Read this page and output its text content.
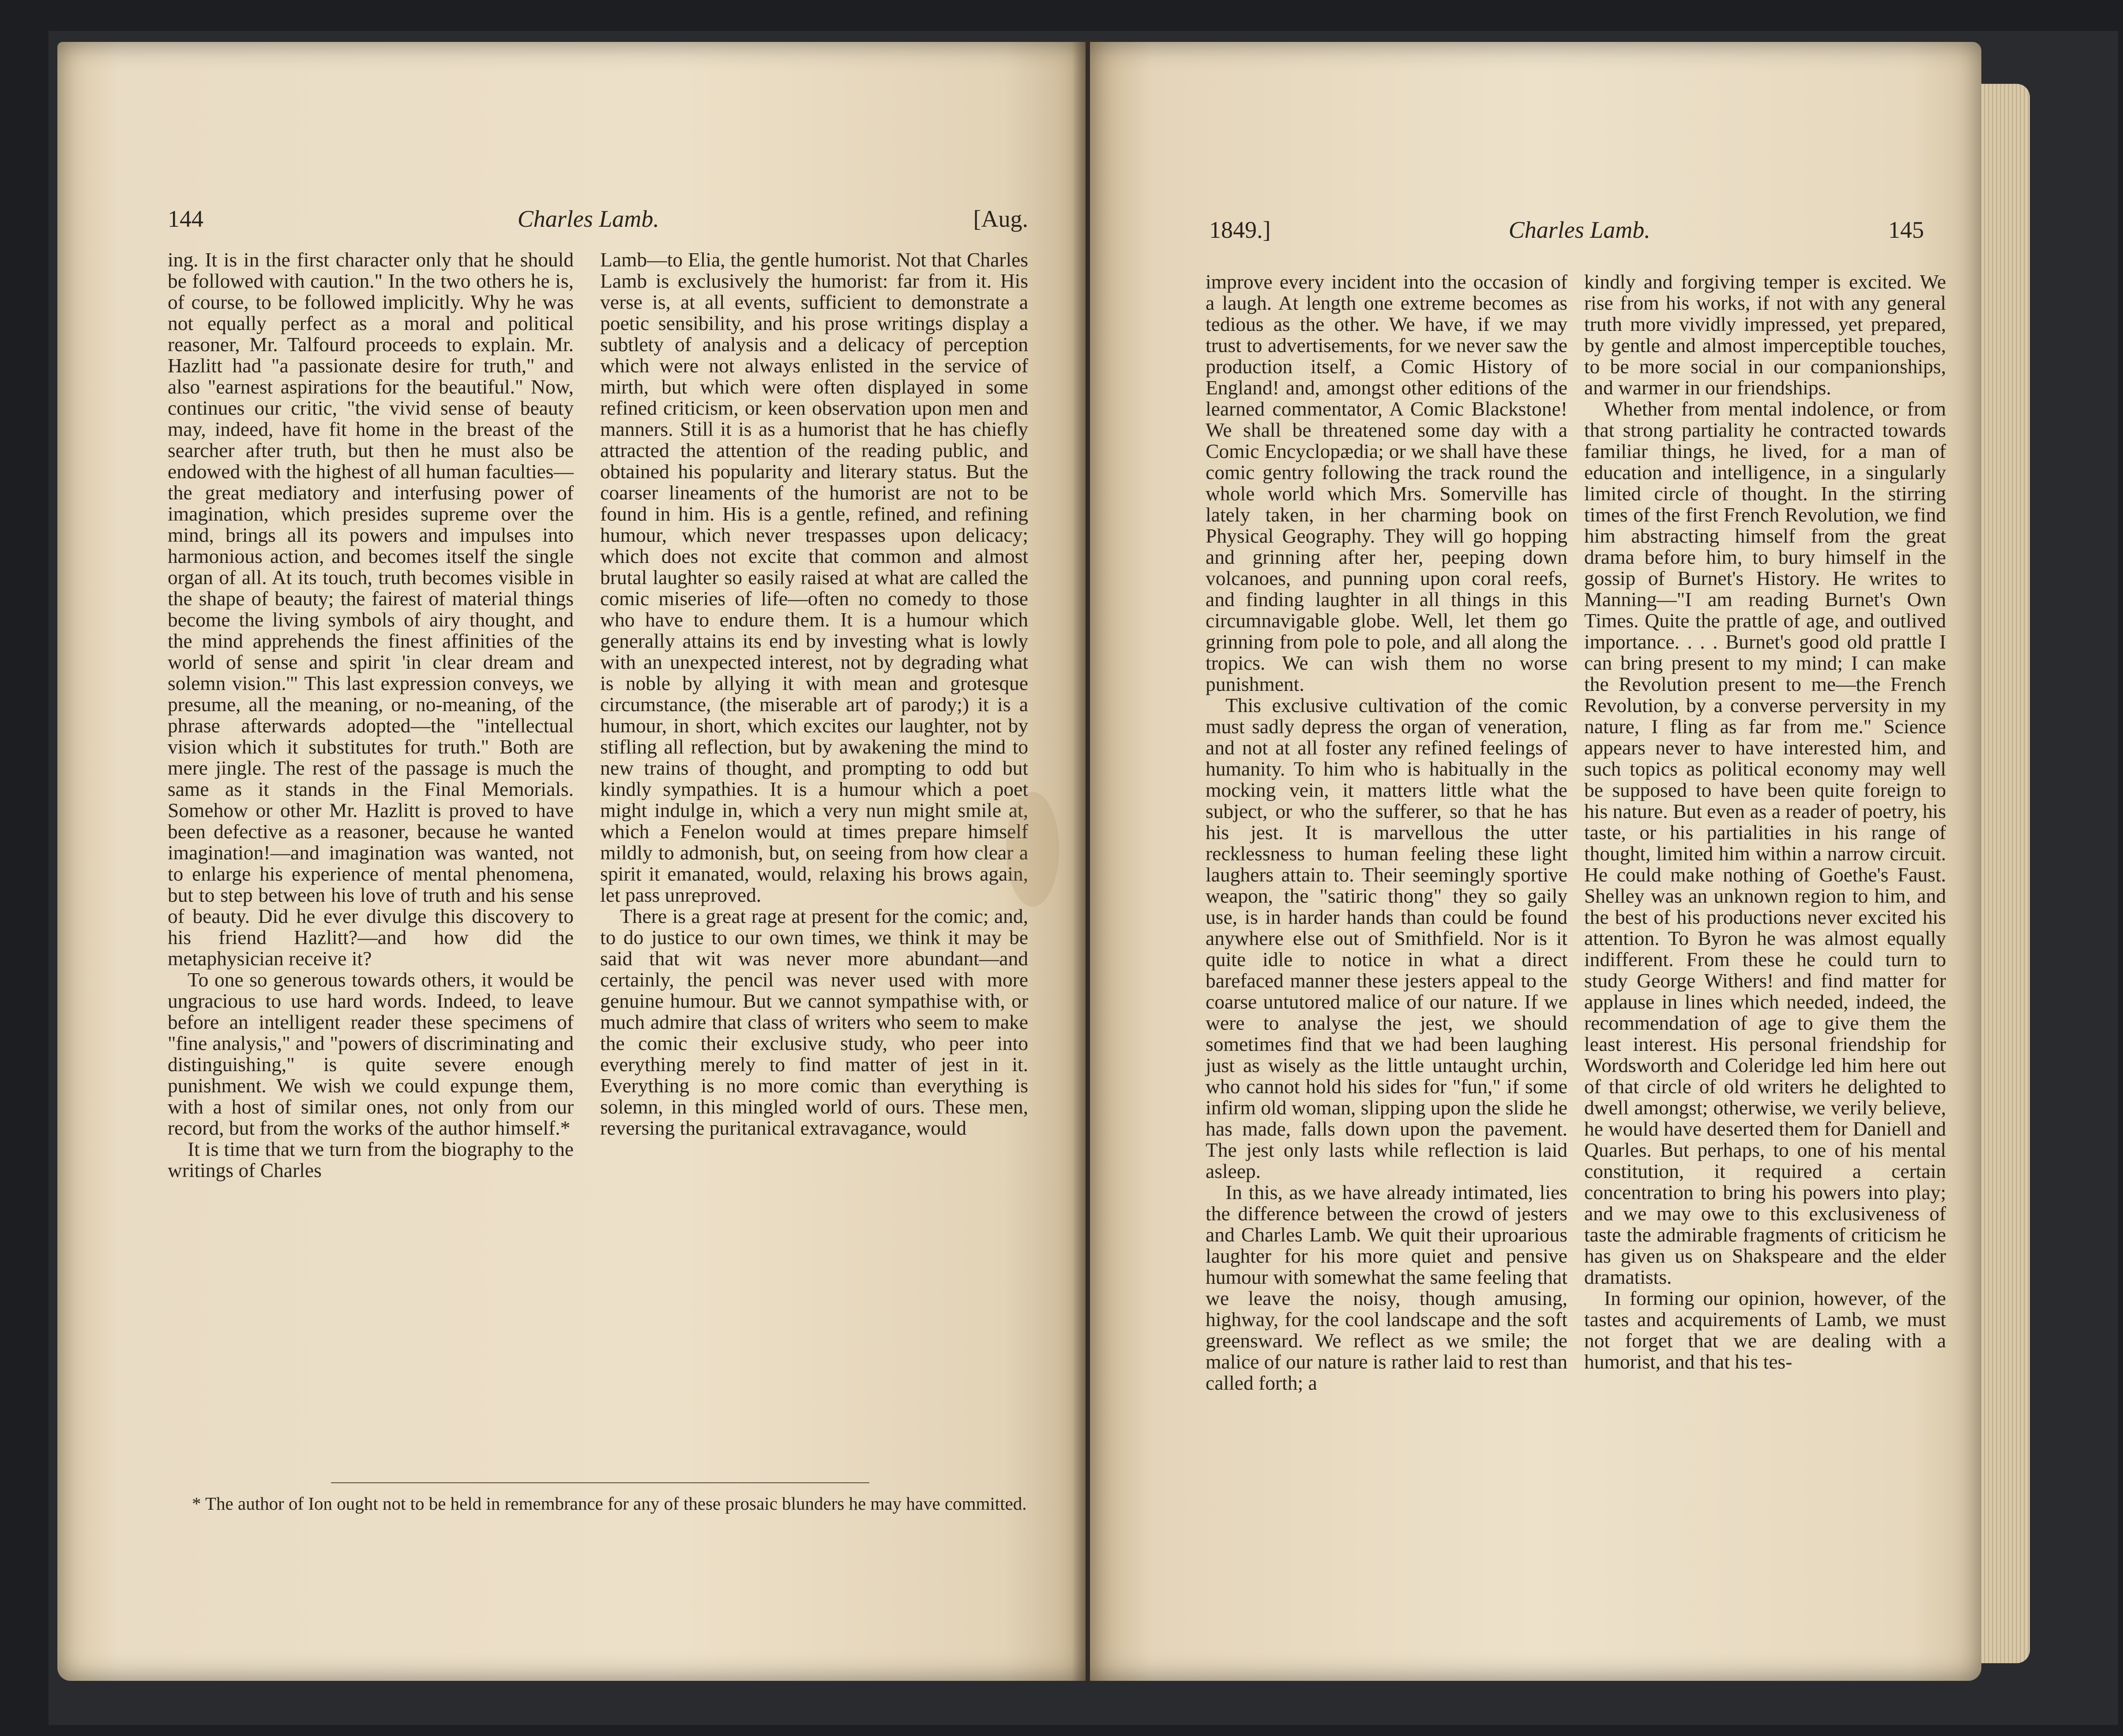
144	Charles Lamb.	[Aug.

ing. It is in the first character only that he should be followed with caution." In the two others he is, of course, to be followed implicitly. Why he was not equally perfect as a moral and political reasoner, Mr. Talfourd proceeds to explain. Mr. Hazlitt had "a passionate desire for truth," and also "earnest aspirations for the beautiful." Now, continues our critic, "the vivid sense of beauty may, indeed, have fit home in the breast of the searcher after truth, but then he must also be endowed with the highest of all human faculties—the great mediatory and interfusing power of imagination, which presides supreme over the mind, brings all its powers and impulses into harmonious action, and becomes itself the single organ of all. At its touch, truth becomes visible in the shape of beauty; the fairest of material things become the living symbols of airy thought, and the mind apprehends the finest affinities of the world of sense and spirit 'in clear dream and solemn vision.'" This last expression conveys, we presume, all the meaning, or no-meaning, of the phrase afterwards adopted—the "intellectual vision which it substitutes for truth." Both are mere jingle. The rest of the passage is much the same as it stands in the Final Memorials. Somehow or other Mr. Hazlitt is proved to have been defective as a reasoner, because he wanted imagination!—and imagination was wanted, not to enlarge his experience of mental phenomena, but to step between his love of truth and his sense of beauty. Did he ever divulge this discovery to his friend Hazlitt?—and how did the metaphysician receive it?

To one so generous towards others, it would be ungracious to use hard words. Indeed, to leave before an intelligent reader these specimens of "fine analysis," and "powers of discriminating and distinguishing," is quite severe enough punishment. We wish we could expunge them, with a host of similar ones, not only from our record, but from the works of the author himself.*

It is time that we turn from the biography to the writings of Charles

Lamb—to Elia, the gentle humorist. Not that Charles Lamb is exclusively the humorist: far from it. His verse is, at all events, sufficient to demonstrate a poetic sensibility, and his prose writings display a subtlety of analysis and a delicacy of perception which were not always enlisted in the service of mirth, but which were often displayed in some refined criticism, or keen observation upon men and manners. Still it is as a humorist that he has chiefly attracted the attention of the reading public, and obtained his popularity and literary status. But the coarser lineaments of the humorist are not to be found in him. His is a gentle, refined, and refining humour, which never trespasses upon delicacy; which does not excite that common and almost brutal laughter so easily raised at what are called the comic miseries of life—often no comedy to those who have to endure them. It is a humour which generally attains its end by investing what is lowly with an unexpected interest, not by degrading what is noble by allying it with mean and grotesque circumstance, (the miserable art of parody;) it is a humour, in short, which excites our laughter, not by stifling all reflection, but by awakening the mind to new trains of thought, and prompting to odd but kindly sympathies. It is a humour which a poet might indulge in, which a very nun might smile at, which a Fenelon would at times prepare himself mildly to admonish, but, on seeing from how clear a spirit it emanated, would, relaxing his brows again, let pass unreproved.

There is a great rage at present for the comic; and, to do justice to our own times, we think it may be said that wit was never more abundant—and certainly, the pencil was never used with more genuine humour. But we cannot sympathise with, or much admire that class of writers who seem to make the comic their exclusive study, who peer into everything merely to find matter of jest in it. Everything is no more comic than everything is solemn, in this mingled world of ours. These men, reversing the puritanical extravagance, would

* The author of Ion ought not to be held in remembrance for any of these prosaic blunders he may have committed.

1849.]	Charles Lamb.	145

improve every incident into the occasion of a laugh. At length one extreme becomes as tedious as the other. We have, if we may trust to advertisements, for we never saw the production itself, a Comic History of England! and, amongst other editions of the learned commentator, A Comic Blackstone! We shall be threatened some day with a Comic Encyclopædia; or we shall have these comic gentry following the track round the whole world which Mrs. Somerville has lately taken, in her charming book on Physical Geography. They will go hopping and grinning after her, peeping down volcanoes, and punning upon coral reefs, and finding laughter in all things in this circumnavigable globe. Well, let them go grinning from pole to pole, and all along the tropics. We can wish them no worse punishment.

This exclusive cultivation of the comic must sadly depress the organ of veneration, and not at all foster any refined feelings of humanity. To him who is habitually in the mocking vein, it matters little what the subject, or who the sufferer, so that he has his jest. It is marvellous the utter recklessness to human feeling these light laughers attain to. Their seemingly sportive weapon, the "satiric thong" they so gaily use, is in harder hands than could be found anywhere else out of Smithfield. Nor is it quite idle to notice in what a direct barefaced manner these jesters appeal to the coarse untutored malice of our nature. If we were to analyse the jest, we should sometimes find that we had been laughing just as wisely as the little untaught urchin, who cannot hold his sides for "fun," if some infirm old woman, slipping upon the slide he has made, falls down upon the pavement. The jest only lasts while reflection is laid asleep.

In this, as we have already intimated, lies the difference between the crowd of jesters and Charles Lamb. We quit their uproarious laughter for his more quiet and pensive humour with somewhat the same feeling that we leave the noisy, though amusing, highway, for the cool landscape and the soft greensward. We reflect as we smile; the malice of our nature is rather laid to rest than called forth; a

kindly and forgiving temper is excited. We rise from his works, if not with any general truth more vividly impressed, yet prepared, by gentle and almost imperceptible touches, to be more social in our companionships, and warmer in our friendships.

Whether from mental indolence, or from that strong partiality he contracted towards familiar things, he lived, for a man of education and intelligence, in a singularly limited circle of thought. In the stirring times of the first French Revolution, we find him abstracting himself from the great drama before him, to bury himself in the gossip of Burnet's History. He writes to Manning—"I am reading Burnet's Own Times. Quite the prattle of age, and outlived importance. . . . Burnet's good old prattle I can bring present to my mind; I can make the Revolution present to me—the French Revolution, by a converse perversity in my nature, I fling as far from me." Science appears never to have interested him, and such topics as political economy may well be supposed to have been quite foreign to his nature. But even as a reader of poetry, his taste, or his partialities in his range of thought, limited him within a narrow circuit. He could make nothing of Goethe's Faust. Shelley was an unknown region to him, and the best of his productions never excited his attention. To Byron he was almost equally indifferent. From these he could turn to study George Withers! and find matter for applause in lines which needed, indeed, the recommendation of age to give them the least interest. His personal friendship for Wordsworth and Coleridge led him here out of that circle of old writers he delighted to dwell amongst; otherwise, we verily believe, he would have deserted them for Daniell and Quarles. But perhaps, to one of his mental constitution, it required a certain concentration to bring his powers into play; and we may owe to this exclusiveness of taste the admirable fragments of criticism he has given us on Shakspeare and the elder dramatists.

In forming our opinion, however, of the tastes and acquirements of Lamb, we must not forget that we are dealing with a humorist, and that his tes-
